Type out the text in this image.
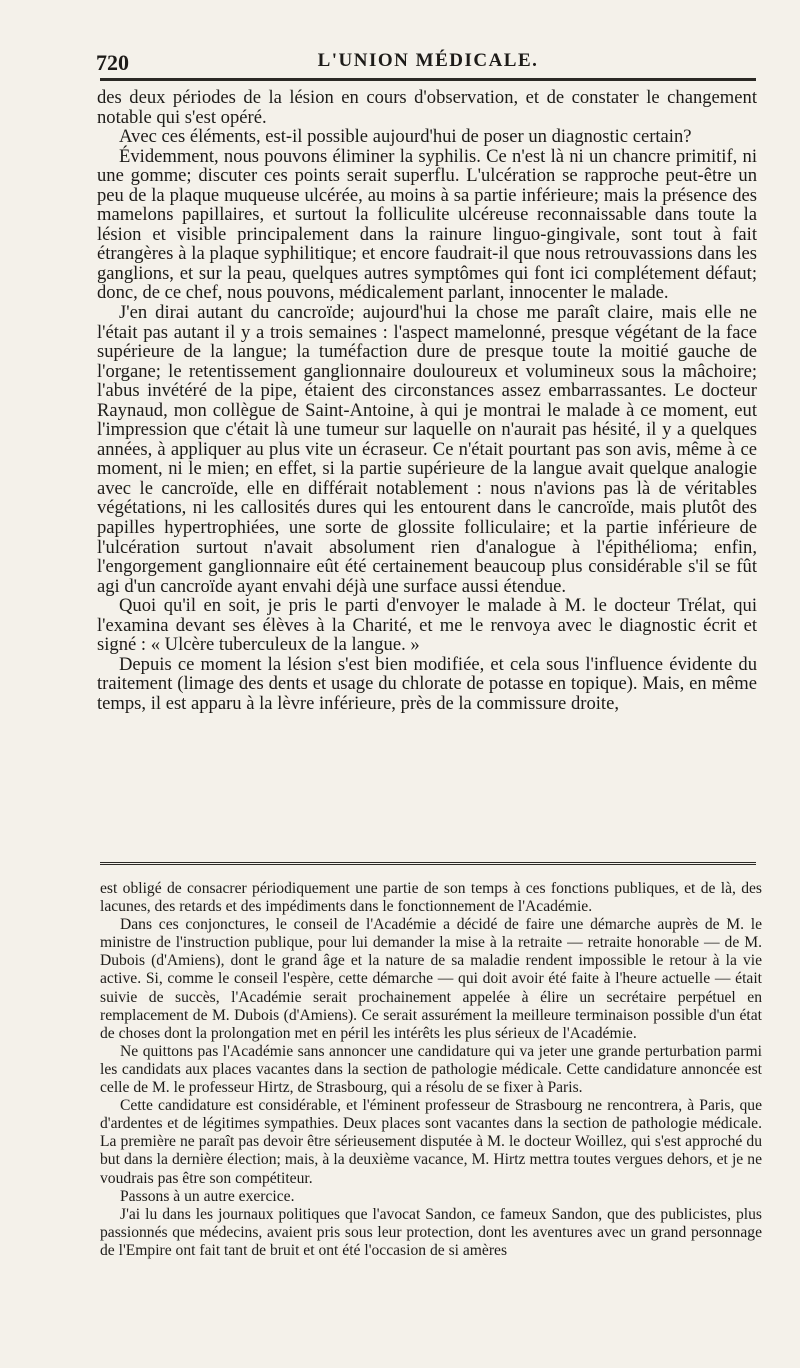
720	L'UNION MÉDICALE.

des deux périodes de la lésion en cours d'observation, et de constater le changement notable qui s'est opéré.

Avec ces éléments, est-il possible aujourd'hui de poser un diagnostic certain?

Évidemment, nous pouvons éliminer la syphilis. Ce n'est là ni un chancre primitif, ni une gomme; discuter ces points serait superflu. L'ulcération se rapproche peut-être un peu de la plaque muqueuse ulcérée, au moins à sa partie inférieure; mais la présence des mamelons papillaires, et surtout la folliculite ulcéreuse reconnaissable dans toute la lésion et visible principalement dans la rainure linguo-gingivale, sont tout à fait étrangères à la plaque syphilitique; et encore faudrait-il que nous retrouvassions dans les ganglions, et sur la peau, quelques autres symptômes qui font ici complétement défaut; donc, de ce chef, nous pouvons, médicalement parlant, innocenter le malade.

J'en dirai autant du cancroïde; aujourd'hui la chose me paraît claire, mais elle ne l'était pas autant il y a trois semaines : l'aspect mamelonné, presque végétant de la face supérieure de la langue; la tuméfaction dure de presque toute la moitié gauche de l'organe; le retentissement ganglionnaire douloureux et volumineux sous la mâchoire; l'abus invétéré de la pipe, étaient des circonstances assez embarrassantes. Le docteur Raynaud, mon collègue de Saint-Antoine, à qui je montrai le malade à ce moment, eut l'impression que c'était là une tumeur sur laquelle on n'aurait pas hésité, il y a quelques années, à appliquer au plus vite un écraseur. Ce n'était pourtant pas son avis, même à ce moment, ni le mien; en effet, si la partie supérieure de la langue avait quelque analogie avec le cancroïde, elle en différait notablement : nous n'avions pas là de véritables végétations, ni les callosités dures qui les entourent dans le cancroïde, mais plutôt des papilles hypertrophiées, une sorte de glossite folliculaire; et la partie inférieure de l'ulcération surtout n'avait absolument rien d'analogue à l'épithélioma; enfin, l'engorgement ganglionnaire eût été certainement beaucoup plus considérable s'il se fût agi d'un cancroïde ayant envahi déjà une surface aussi étendue.

Quoi qu'il en soit, je pris le parti d'envoyer le malade à M. le docteur Trélat, qui l'examina devant ses élèves à la Charité, et me le renvoya avec le diagnostic écrit et signé : « Ulcère tuberculeux de la langue. »

Depuis ce moment la lésion s'est bien modifiée, et cela sous l'influence évidente du traitement (limage des dents et usage du chlorate de potasse en topique). Mais, en même temps, il est apparu à la lèvre inférieure, près de la commissure droite,

est obligé de consacrer périodiquement une partie de son temps à ces fonctions publiques, et de là, des lacunes, des retards et des impédiments dans le fonctionnement de l'Académie.

Dans ces conjonctures, le conseil de l'Académie a décidé de faire une démarche auprès de M. le ministre de l'instruction publique, pour lui demander la mise à la retraite — retraite honorable — de M. Dubois (d'Amiens), dont le grand âge et la nature de sa maladie rendent impossible le retour à la vie active. Si, comme le conseil l'espère, cette démarche — qui doit avoir été faite à l'heure actuelle — était suivie de succès, l'Académie serait prochainement appelée à élire un secrétaire perpétuel en remplacement de M. Dubois (d'Amiens). Ce serait assurément la meilleure terminaison possible d'un état de choses dont la prolongation met en péril les intérêts les plus sérieux de l'Académie.

Ne quittons pas l'Académie sans annoncer une candidature qui va jeter une grande perturbation parmi les candidats aux places vacantes dans la section de pathologie médicale. Cette candidature annoncée est celle de M. le professeur Hirtz, de Strasbourg, qui a résolu de se fixer à Paris.

Cette candidature est considérable, et l'éminent professeur de Strasbourg ne rencontrera, à Paris, que d'ardentes et de légitimes sympathies. Deux places sont vacantes dans la section de pathologie médicale. La première ne paraît pas devoir être sérieusement disputée à M. le docteur Woillez, qui s'est approché du but dans la dernière élection; mais, à la deuxième vacance, M. Hirtz mettra toutes vergues dehors, et je ne voudrais pas être son compétiteur.

Passons à un autre exercice.

J'ai lu dans les journaux politiques que l'avocat Sandon, ce fameux Sandon, que des publicistes, plus passionnés que médecins, avaient pris sous leur protection, dont les aventures avec un grand personnage de l'Empire ont fait tant de bruit et ont été l'occasion de si amères
